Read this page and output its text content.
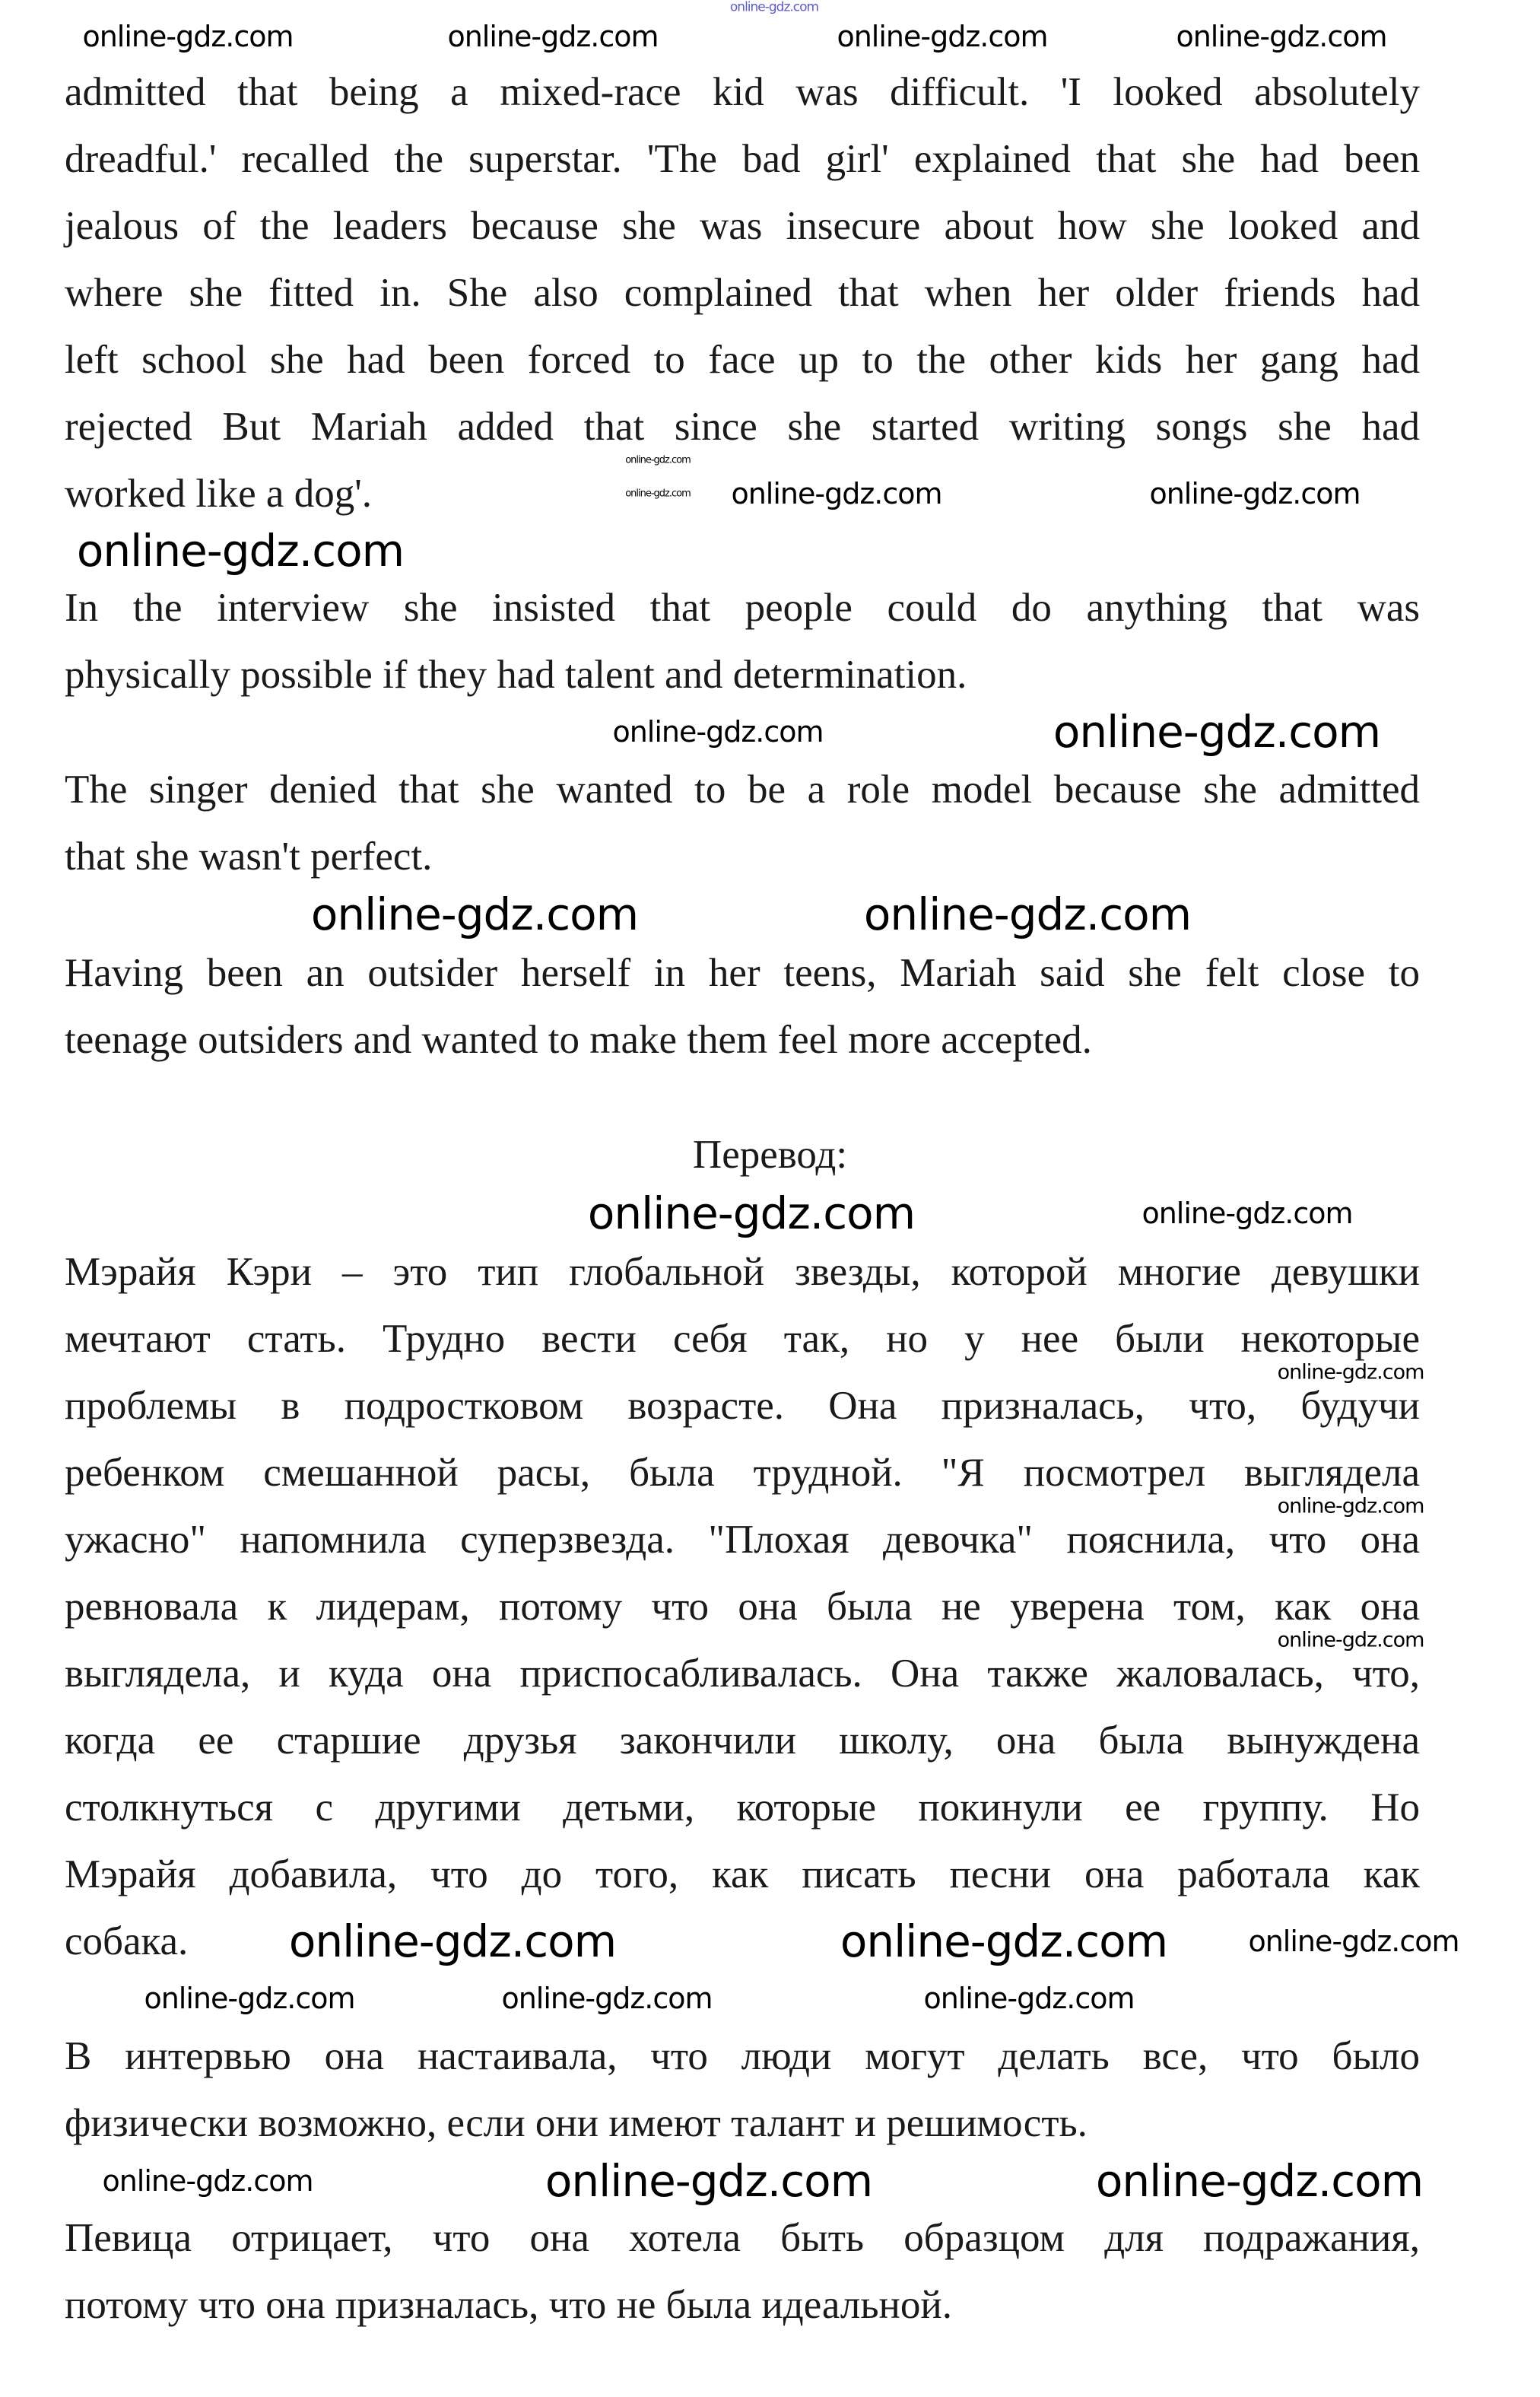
Перевод:
admitted that being a mixed-race kid was difficult. 'I looked absolutely
dreadful.' recalled the superstar. 'The bad girl' explained that she had been
jealous of the leaders because she was insecure about how she looked and
where she fitted in. She also complained that when her older friends had
left school she had been forced to face up to the other kids her gang had
rejected But Mariah added that since she started writing songs she had
worked like a dog'.
In the interview she insisted that people could do anything that was
physically possible if they had talent and determination.
The singer denied that she wanted to be a role model because she admitted
that she wasn't perfect.
Having been an outsider herself in her teens, Mariah said she felt close to
teenage outsiders and wanted to make them feel more accepted.
Мэрайя Кэри – это тип глобальной звезды, которой многие девушки
мечтают стать. Трудно вести себя так, но у нее были некоторые
проблемы в подростковом возрасте. Она призналась, что, будучи
ребенком смешанной расы, была трудной. "Я посмотрел выглядела
ужасно" напомнила суперзвезда. "Плохая девочка" пояснила, что она
ревновала к лидерам, потому что она была не уверена том, как она
выглядела, и куда она приспосабливалась. Она также жаловалась, что,
когда ее старшие друзья закончили школу, она была вынуждена
столкнуться с другими детьми, которые покинули ее группу. Но
Мэрайя добавила, что до того, как писать песни она работала как
собака.
В интервью она настаивала, что люди могут делать все, что было
физически возможно, если они имеют талант и решимость.
Певица отрицает, что она хотела быть образцом для подражания,
потому что она призналась, что не была идеальной.
online-gdz.com
online-gdz.com	online-gdz.com
online-gdz.com	online-gdz.com
online-gdz.com
online-gdz.com
online-gdz.com
online-gdz.com
online-gdz.com
online-gdz.com	online-gdz.com
online-gdz.com	online-gdz.com
online-gdz.com	online-gdz.com
online-gdz.com
online-gdz.com
online-gdz.com	online-gdz.com
online-gdz.com
online-gdz.com
online-gdz.com
online-gdz.com	online-gdz.com
online-gdz.com	online-gdz.com	online-gdz.com
